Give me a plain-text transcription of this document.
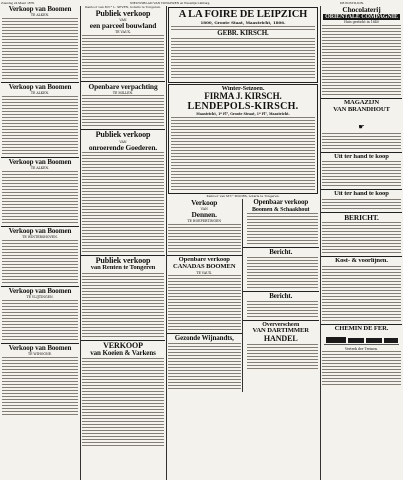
Zaterdag 24 Maart 1878.	NIEUWSBLAD VAN TONGEREN en Westelijk Limburg.	DE POSTILJON.
Verkoop van Boomen
TE ALKEN.
Verkoop van Boomen
TE ALKEN.
Verkoop van Boomen
TE ALKEN.
Verkoop van Boomen
TE WINTERSHOVEN.
Verkoop van Boomen
TE VLIJTINGEN.
Verkoop van Boomen
TE WIHOGNE.
Kantoor van M®° L. SEVEN, notaris te Tongeren.
Publiek verkoop
VAN
een parceel bouwland
TE VAUX.
Openbare verpachting
TE MILLEN.
Publiek verkoop
VAN
onroerende Goederen.
Publiek verkoop
van Renten te Tongeren
VERKOOP
van Koeien & Varkens
A LA FOIRE DE LEIPZICH
1800, Groote Staat, Maastricht, 1806.
GEBR. KIRSCH.
Winter-Seizoen.
FIRMA J. KIRSCH.
LENDEPOLS-KIRSCH.
Maastricht, 1º Fl°, Groote Straat, 1º Fl°, Maastricht.
Kantoor van M®° MOORS, notaris te Tongeren.
Verkoop
VAN
Dennen.
TE HOEPERTINGEN
Openbare verkoop
CANADAS BOOMEN
TE VAUX.
Gezonde Wijnandts,
Openbaar verkoop
Boomen & Schaakhout
Bericht.
Bericht.
Oververscheen
VAN DARTIMMER
HANDEL
Chocolaterij
ORIENTALE COMPAGNIE
Huis gesticht in 1840
MAGAZIJN
VAN BRANDHOUT
☛
Uit ter hand te koop
Uit ter hand te koop
BERICHT.
Kost- & voorlijnen.
CHEMIN DE FER.
Vertrek der Treinen.
